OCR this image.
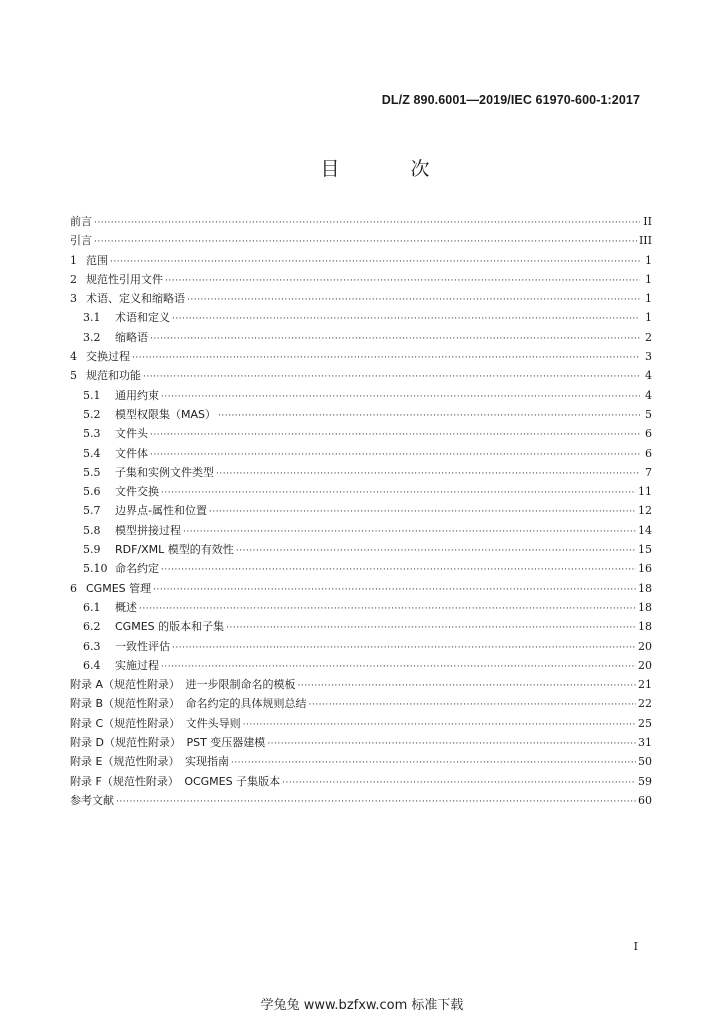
DL/Z 890.6001—2019/IEC 61970-600-1:2017
目　次
前言 ·····	II
引言 ·····	III
1 范围 ·····	1
2 规范性引用文件 ·····	1
3 术语、定义和缩略语 ·····	1
3.1	术语和定义 ·····	1
3.2	缩略语 ·····	2
4 交换过程 ·····	3
5 规范和功能 ·····	4
5.1	通用约束 ·····	4
5.2	模型权限集（MAS） ·····	5
5.3	文件头 ·····	6
5.4	文件体 ·····	6
5.5	子集和实例文件类型 ·····	7
5.6	文件交换 ·····	11
5.7	边界点-属性和位置 ·····	12
5.8	模型拼接过程 ·····	14
5.9	RDF/XML 模型的有效性 ·····	15
5.10 命名约定 ·····	16
6 CGMES 管理 ·····	18
6.1	概述 ·····	18
6.2	CGMES 的版本和子集 ·····	18
6.3	一致性评估 ·····	20
6.4	实施过程 ·····	20
附录 A（规范性附录）　进一步限制命名的模板 ·····	21
附录 B（规范性附录）　命名约定的具体规则总结 ·····	22
附录 C（规范性附录）　文件头导则 ·····	25
附录 D（规范性附录）　PST 变压器建模 ·····	31
附录 E（规范性附录）　实现指南 ·····	50
附录 F（规范性附录）　OCGMES 子集版本 ·····	59
参考文献 ·····	60
I
学兔兔 www.bzfxw.com 标准下载
